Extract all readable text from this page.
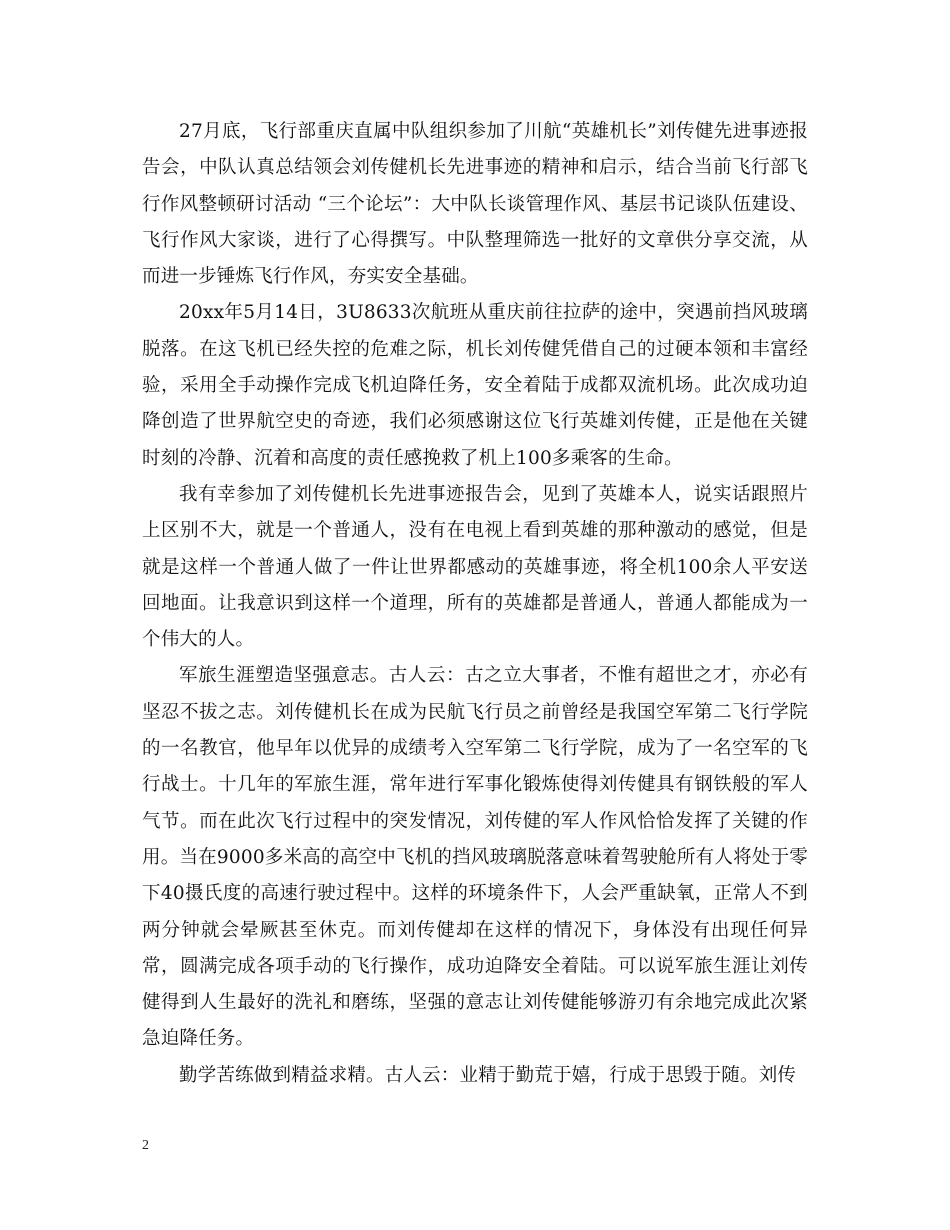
27月底，飞行部重庆直属中队组织参加了川航“英雄机长”刘传健先进事迹报告会，中队认真总结领会刘传健机长先进事迹的精神和启示，结合当前飞行部飞行作风整顿研讨活动 “三个论坛”：大中队长谈管理作风、基层书记谈队伍建设、飞行作风大家谈，进行了心得撰写。中队整理筛选一批好的文章供分享交流，从而进一步锤炼飞行作风，夯实安全基础。

20xx年5月14日，3U8633次航班从重庆前往拉萨的途中，突遇前挡风玻璃脱落。在这飞机已经失控的危难之际，机长刘传健凭借自己的过硬本领和丰富经验，采用全手动操作完成飞机迫降任务，安全着陆于成都双流机场。此次成功迫降创造了世界航空史的奇迹，我们必须感谢这位飞行英雄刘传健，正是他在关键时刻的冷静、沉着和高度的责任感挽救了机上100多乘客的生命。

我有幸参加了刘传健机长先进事迹报告会，见到了英雄本人，说实话跟照片上区别不大，就是一个普通人，没有在电视上看到英雄的那种激动的感觉，但是就是这样一个普通人做了一件让世界都感动的英雄事迹，将全机100余人平安送回地面。让我意识到这样一个道理，所有的英雄都是普通人，普通人都能成为一个伟大的人。

军旅生涯塑造坚强意志。古人云：古之立大事者，不惟有超世之才，亦必有坚忍不拔之志。刘传健机长在成为民航飞行员之前曾经是我国空军第二飞行学院的一名教官，他早年以优异的成绩考入空军第二飞行学院，成为了一名空军的飞行战士。十几年的军旅生涯，常年进行军事化锻炼使得刘传健具有钢铁般的军人气节。而在此次飞行过程中的突发情况，刘传健的军人作风恰恰发挥了关键的作用。当在9000多米高的高空中飞机的挡风玻璃脱落意味着驾驶舱所有人将处于零下40摄氏度的高速行驶过程中。这样的环境条件下，人会严重缺氧，正常人不到两分钟就会晕厥甚至休克。而刘传健却在这样的情况下，身体没有出现任何异常，圆满完成各项手动的飞行操作，成功迫降安全着陆。可以说军旅生涯让刘传健得到人生最好的洗礼和磨练，坚强的意志让刘传健能够游刃有余地完成此次紧急迫降任务。

勤学苦练做到精益求精。古人云：业精于勤荒于嬉，行成于思毁于随。刘传

2
